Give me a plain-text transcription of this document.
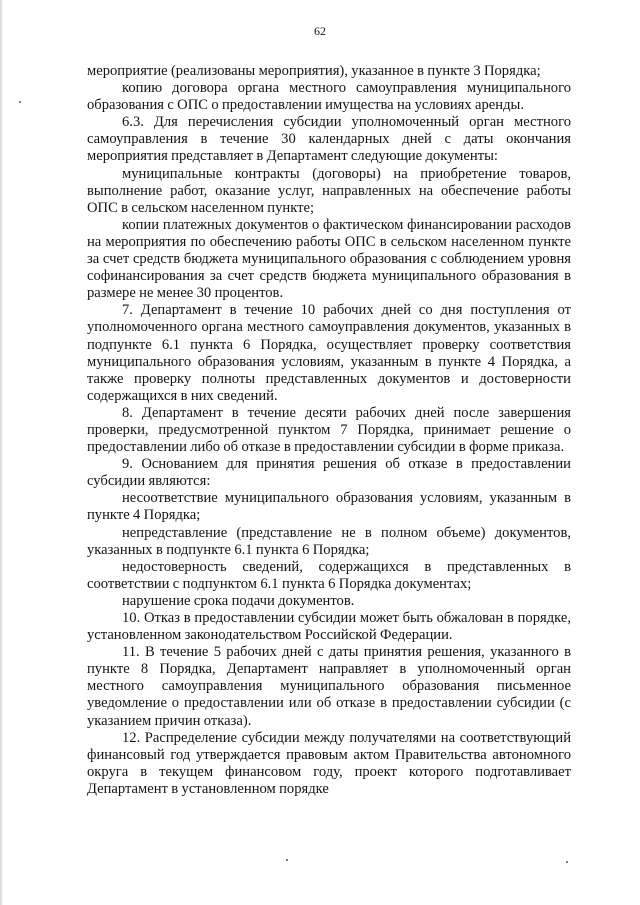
62

мероприятие (реализованы мероприятия), указанное в пункте 3 Порядка;

копию договора органа местного самоуправления муниципального образования с ОПС о предоставлении имущества на условиях аренды.

6.3. Для перечисления субсидии уполномоченный орган местного самоуправления в течение 30 календарных дней с даты окончания мероприятия представляет в Департамент следующие документы:

муниципальные контракты (договоры) на приобретение товаров, выполнение работ, оказание услуг, направленных на обеспечение работы ОПС в сельском населенном пункте;

копии платежных документов о фактическом финансировании расходов на мероприятия по обеспечению работы ОПС в сельском населенном пункте за счет средств бюджета муниципального образования с соблюдением уровня софинансирования за счет средств бюджета муниципального образования в размере не менее 30 процентов.

7. Департамент в течение 10 рабочих дней со дня поступления от уполномоченного органа местного самоуправления документов, указанных в подпункте 6.1 пункта 6 Порядка, осуществляет проверку соответствия муниципального образования условиям, указанным в пункте 4 Порядка, а также проверку полноты представленных документов и достоверности содержащихся в них сведений.

8. Департамент в течение десяти рабочих дней после завершения проверки, предусмотренной пунктом 7 Порядка, принимает решение о предоставлении либо об отказе в предоставлении субсидии в форме приказа.

9. Основанием для принятия решения об отказе в предоставлении субсидии являются:

несоответствие муниципального образования условиям, указанным в пункте 4 Порядка;

непредставление (представление не в полном объеме) документов, указанных в подпункте 6.1 пункта 6 Порядка;

недостоверность сведений, содержащихся в представленных в соответствии с подпунктом 6.1 пункта 6 Порядка документах;

нарушение срока подачи документов.

10. Отказ в предоставлении субсидии может быть обжалован в порядке, установленном законодательством Российской Федерации.

11. В течение 5 рабочих дней с даты принятия решения, указанного в пункте 8 Порядка, Департамент направляет в уполномоченный орган местного самоуправления муниципального образования письменное уведомление о предоставлении или об отказе в предоставлении субсидии (с указанием причин отказа).

12. Распределение субсидии между получателями на соответствующий финансовый год утверждается правовым актом Правительства автономного округа в текущем финансовом году, проект которого подготавливает Департамент в установленном порядке
